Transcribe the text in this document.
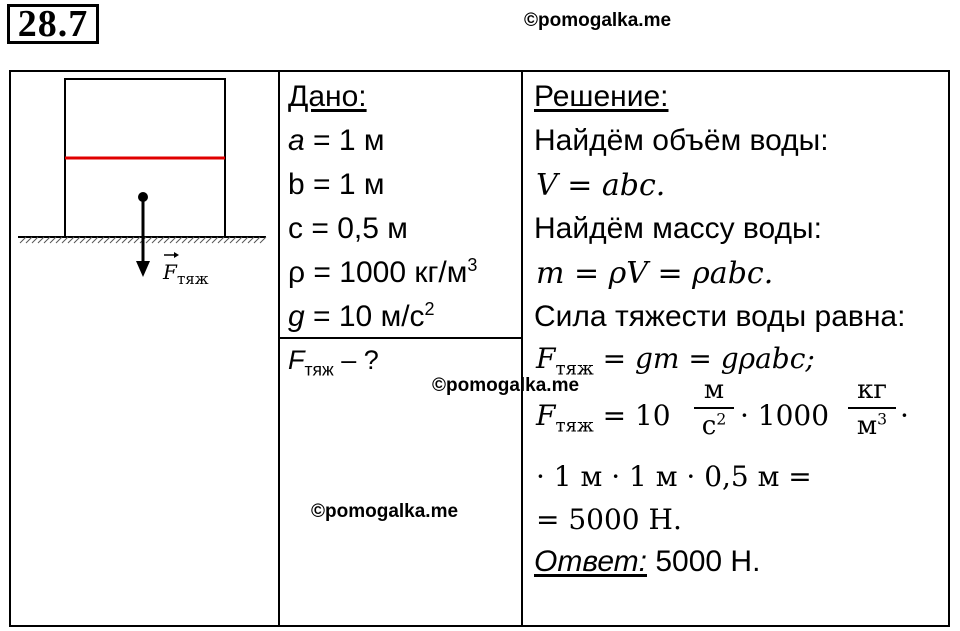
28.7	©pomogalka.me
F тяж
Дано:
a = 1 м
b = 1 м
c = 0,5 м
ρ = 1000 $кг/м^3$
g = 10 $м/с^2$
$F_{тяж}$ – ?
©pomogalka.me
©pomogalka.me
Решение:
Найдём объём воды:
V = abc.
Найдём массу воды:
m = ρV = ρabc.
Сила тяжести воды равна:
$F_{тяж}$ = gm = gρabc;
$F_{тяж} = 10$
м
$с^2 \cdot 1000$
кг
$м^3$ ·
· 1 м · 1 м · 0,5 м =
= 5000 Н.
Ответ: 5000 Н.
